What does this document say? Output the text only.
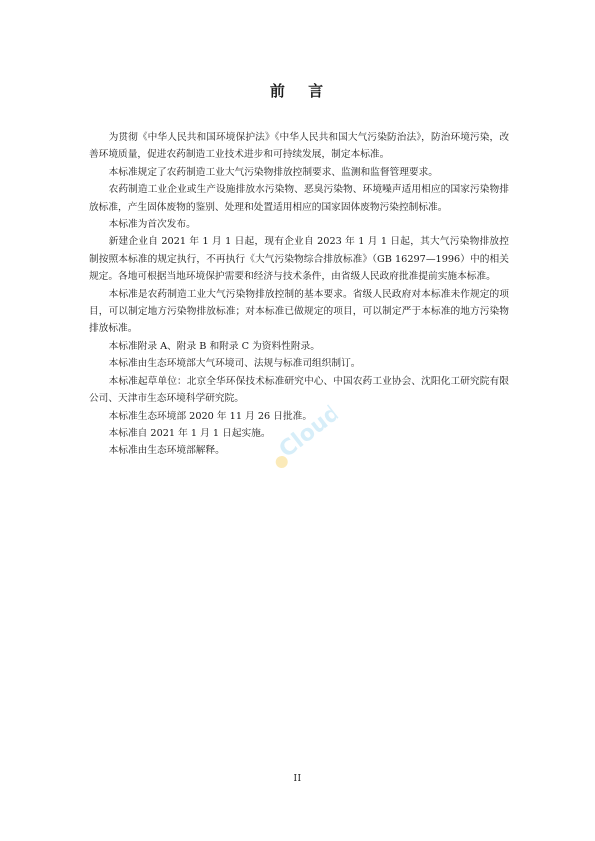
前 言

为贯彻《中华人民共和国环境保护法》《中华人民共和国大气污染防治法》，防治环境污染，改善环境质量，促进农药制造工业技术进步和可持续发展，制定本标准。

本标准规定了农药制造工业大气污染物排放控制要求、监测和监督管理要求。

农药制造工业企业或生产设施排放水污染物、恶臭污染物、环境噪声适用相应的国家污染物排放标准，产生固体废物的鉴别、处理和处置适用相应的国家固体废物污染控制标准。

本标准为首次发布。

新建企业自 2021 年 1 月 1 日起，现有企业自 2023 年 1 月 1 日起，其大气污染物排放控制按照本标准的规定执行，不再执行《大气污染物综合排放标准》（GB 16297—1996）中的相关规定。各地可根据当地环境保护需要和经济与技术条件，由省级人民政府批准提前实施本标准。

本标准是农药制造工业大气污染物排放控制的基本要求。省级人民政府对本标准未作规定的项目，可以制定地方污染物排放标准；对本标准已做规定的项目，可以制定严于本标准的地方污染物排放标准。

本标准附录 A、附录 B 和附录 C 为资料性附录。

本标准由生态环境部大气环境司、法规与标准司组织制订。

本标准起草单位：北京全华环保技术标准研究中心、中国农药工业协会、沈阳化工研究院有限公司、天津市生态环境科学研究院。

本标准生态环境部 2020 年 11 月 26 日批准。

本标准自 2021 年 1 月 1 日起实施。

本标准由生态环境部解释。	Cloud
II
